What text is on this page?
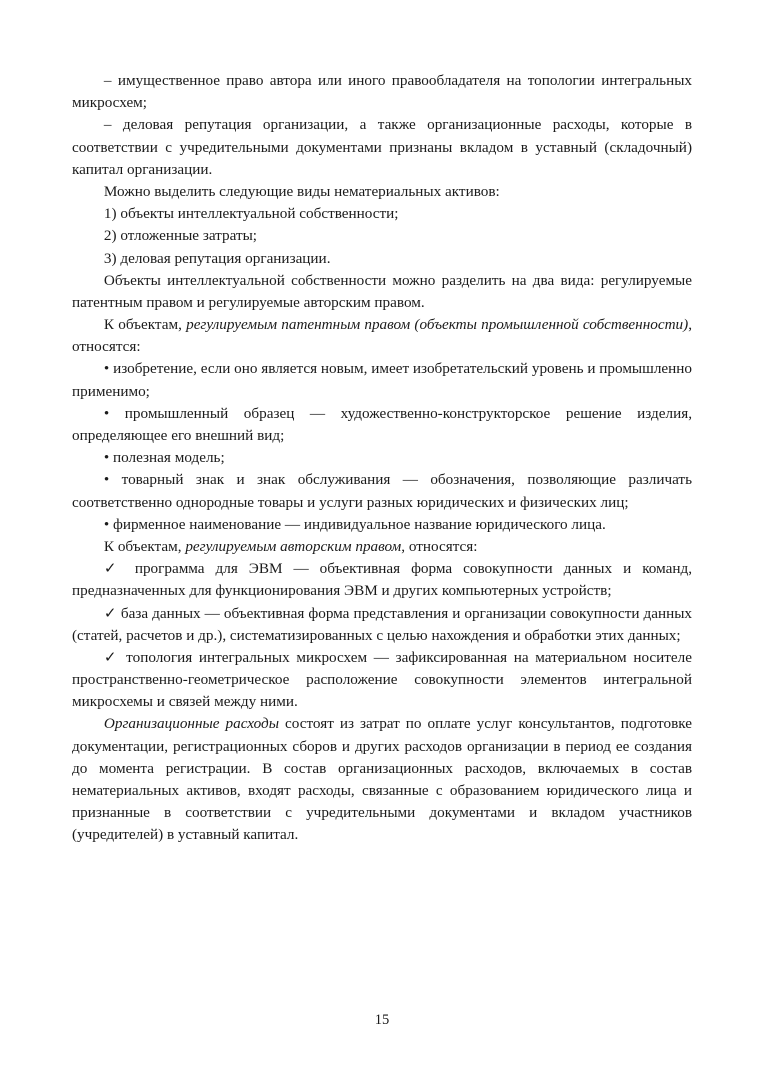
– имущественное право автора или иного правообладателя на топологии интегральных микросхем;

– деловая репутация организации, а также организационные расходы, которые в соответствии с учредительными документами признаны вкладом в уставный (складочный) капитал организации.

Можно выделить следующие виды нематериальных активов:

1) объекты интеллектуальной собственности;

2) отложенные затраты;

3) деловая репутация организации.

Объекты интеллектуальной собственности можно разделить на два вида: регулируемые патентным правом и регулируемые авторским правом.

К объектам, регулируемым патентным правом (объекты промышленной собственности), относятся:

• изобретение, если оно является новым, имеет изобретательский уровень и промышленно применимо;

• промышленный образец — художественно-конструкторское решение изделия, определяющее его внешний вид;

• полезная модель;

• товарный знак и знак обслуживания — обозначения, позволяющие различать соответственно однородные товары и услуги разных юридических и физических лиц;

• фирменное наименование — индивидуальное название юридического лица.

К объектам, регулируемым авторским правом, относятся:

✓ программа для ЭВМ — объективная форма совокупности данных и команд, предназначенных для функционирования ЭВМ и других компьютерных устройств;

✓ база данных — объективная форма представления и организации совокупности данных (статей, расчетов и др.), систематизированных с целью нахождения и обработки этих данных;

✓ топология интегральных микросхем — зафиксированная на материальном носителе пространственно-геометрическое расположение совокупности элементов интегральной микросхемы и связей между ними.

Организационные расходы состоят из затрат по оплате услуг консультантов, подготовке документации, регистрационных сборов и других расходов организации в период ее создания до момента регистрации. В состав организационных расходов, включаемых в состав нематериальных активов, входят расходы, связанные с образованием юридического лица и признанные в соответствии с учредительными документами и вкладом участников (учредителей) в уставный капитал.

15
